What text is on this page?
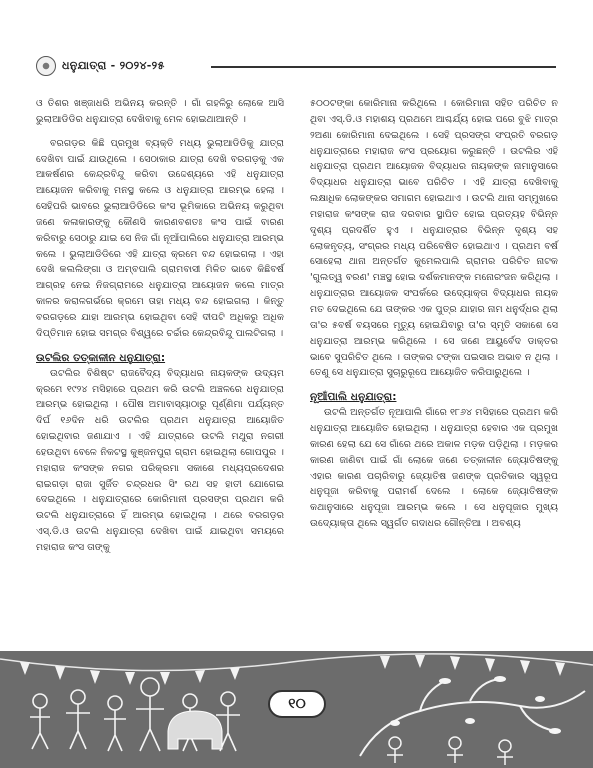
ଧନୁଯାତ୍ରା - ୨୦୨୪-୨୫

ଓ ତିଶର ଖଞ୍ଜାଧରି ଅଭିନୟ କରନ୍ତି । ଗାଁ ଗହଳିରୁ ଲୋକେ ଆସି ଭୁଲାଆଡିଡିର ଧନୁଯାତ୍ରା ଦେଖିବାକୁ ମେଳ ହୋଇଥାଆନ୍ତି ।

ବରଗଡ଼ର କିଛି ପ୍ରମୁଖ ବ୍ୟକ୍ତି ମଧ୍ୟ ଭୁଲାଆଡିଡିକୁ ଯାତ୍ରା ଦେଖିବା ପାଇଁ ଯାଉଥିଲେ । ସେଠାକାର ଯାତ୍ରା ଦେଖି ବରଗଡ଼କୁ ଏକ ଆକର୍ଷଣର କେନ୍ଦ୍ରବିନ୍ଦୁ କରିବା ଉଦ୍ଦେଶ୍ୟରେ ଏହି ଧନୁଯାତ୍ରା ଆୟୋଜନ କରିବାକୁ ମନସ୍ଥ କଲେ ଓ ଧନୁଯାତ୍ରା ଆରମ୍ଭ ହେଲା । ସେହିପରି ଭାବରେ ଭୁଲାଆଡିଡିରେ କଂସ ଭୂମିକାରେ ଅଭିନୟ କରୁଥିବା ଜଣେ କଳାକାରଙ୍କୁ କୌଣସି କାରଣବଶତଃ କଂସ ପାଇଁ ବାରଣ କରିବାରୁ ସେଠାରୁ ଯାଇ ସେ ନିଜ ଗାଁ ନୂଆଁପାଲିରେ ଧନୁଯାତ୍ରା ଆରମ୍ଭ କଲେ । ଭୁଲାଆଡିଡିରେ ଏହି ଯାତ୍ରା କ୍ରମେ ବନ୍ଦ ହୋଇଗଲା । ଏହା ଦେଖି କଲଲିଙ୍ଗା ଓ ଅମ୍ବପାଲି ଗ୍ରାମବାସୀ ମିଳିତ ଭାବେ କିଛିବର୍ଷ ଆଗ୍ରହ ନେଇ ନିଜଗ୍ରାମରେ ଧନୁଯାତ୍ରା ଆୟୋଜନ କଲେ ମାତ୍ର କାଳର କରାଳଗର୍ଭରେ କ୍ରମେ ତାହା ମଧ୍ୟ ବନ୍ଦ ହୋଇଗଲା । କିନ୍ତୁ ବରଗଡ଼ରେ ଯାହା ଆରମ୍ଭ ହୋଇଥିବା ସେହି ଦୀପଟି ଅଧିକରୁ ଅଧିକ ଦିପ୍ତିମାନ ହୋଇ ସମଗ୍ର ବିଶ୍ୱରେ ଚର୍ଚ୍ଚାର କେନ୍ଦ୍ରବିନ୍ଦୁ ପାଲଟିଗଲା ।

ଉଟଲିର ତତ୍କାଳୀନ ଧନୁଯାତ୍ରା:

ଉଟଲିର ବିଶିଷ୍ଟ ରାଜବୈଦ୍ୟ ବିଦ୍ୟାଧର ନାୟକଙ୍କ ଉଦ୍ୟମ କ୍ରମେ ୧୯୨୪ ମସିହାରେ ପ୍ରଥମ କରି ଉଟଲି ଅଞ୍ଚଳରେ ଧନୁଯାତ୍ରା ଆରମ୍ଭ ହୋଇଥିଲା । ପୌଷ ଅମାବାସ୍ୟାଠାରୁ ପୂର୍ଣ୍ଣିମା ପର୍ଯ୍ୟନ୍ତ ଦିର୍ଘ ୧୬ଦିନ ଧରି ଉଟଲିର ପ୍ରଥମ ଧନୁଯାତ୍ରା ଆୟୋଜିତ ହୋଇଥିବାର ଜଣାଯାଏ । ଏହି ଯାତ୍ରାରେ ଉଟଲି ମଥୁରା ନଗରୀ ହେଉଥିବା ବେଳେ ନିକଟସ୍ଥ କୁଞ୍ଜନପୁରା ଗ୍ରାମ ହୋଇଥିଲା ଗୋପପୁର । ମହାରାଜ କଂସଙ୍କ ନଗର ପରିକ୍ରମା ସକାଶେ ମଧ୍ୟପ୍ରଦେଶର ରାଇଗଡ଼ା ରାଜା ସୁର୍ଜିତ ଚନ୍ଦ୍ରଧର ସିଂ ରଥ ସହ ହାତୀ ଯୋଗେଇ ଦେଇଥିଲେ । ଧନୁଯାତ୍ରାରେ କୋରିମାନୀ ପ୍ରସଙ୍ଗ ପ୍ରଥମ କରି ଉଟଲି ଧନୁଯାତ୍ରାରେ ହିଁ ଆରମ୍ଭ ହୋଇଥିଲା । ଥରେ ବରଗଡ଼ର ଏସ୍.ଡି.ଓ ଉଟଲି ଧନୁଯାତ୍ରା ଦେଖିବା ପାଇଁ ଯାଇଥିବା ସମୟରେ ମହାରାଜ କଂସ ତାଙ୍କୁ

୫୦୦ଟଙ୍କା କୋରିମାନା କରିଥିଲେ । କୋରିମାନା ସହିତ ପରିଚିତ ନ ଥିବା ଏସ୍.ଡି.ଓ ମହାଶୟ ପ୍ରଥମେ ଆଶ୍ଚର୍ଯ୍ୟ ହୋଇ ପରେ ବୁଝି ମାତ୍ର ୨ଅଣା କୋରିମାନା ଦେଇଥିଲେ । ସେହି ପ୍ରସଙ୍ଗ ସଂପ୍ରତି ବରଗଡ଼ ଧନୁଯାତ୍ରାରେ ମହାରାଜ କଂସ ପ୍ରୟୋଗ କରୁଛନ୍ତି । ଉଟଲିର ଏହି ଧନୁଯାତ୍ରା ପ୍ରଥମ ଆୟୋଜକ ବିଦ୍ୟାଧର ନାୟକଙ୍କ ନାମାନୁସାରେ ବିଦ୍ୟାଧର ଧନୁଯାତ୍ରା ଭାବେ ପରିଚିତ । ଏହି ଯାତ୍ରା ଦେଖିବାକୁ ଲକ୍ଷାଧିକ ଲୋକଙ୍କର ସମାଗମ ହୋଇଥାଏ । ଉଟଲି ଥାନା ସମ୍ମୁଖରେ ମହାରାଜ କଂସଙ୍କ ରାଜ ଦରବାର ସ୍ଥାପିତ ହୋଇ ପ୍ରତ୍ୟହ ବିଭିନ୍ନ ଦୃଶ୍ୟ ପ୍ରଦର୍ଶିତ ହୁଏ । ଧନୁଯାତ୍ରାର ବିଭିନ୍ନ ଦୃଶ୍ୟ ସହ ଲୋକନୃତ୍ୟ, ସଂଗ୍ରର ମଧ୍ୟ ପରିବେଷିତ ହୋଇଥାଏ । ପ୍ରଥମ ବର୍ଷ ସୋହେଲା ଥାନା ଅନ୍ତର୍ଗତ କୁମେଲପାଲି ଗ୍ରାମର ପରିଚିତ ନାଟକ 'ଗୁଲତ୍ୱ ବରଣ' ମଞ୍ଚସ୍ଥ ହୋଇ ଦର୍ଶକମାନଙ୍କ ମନୋରଂଜନ କରିଥିଲା । ଧନୁଯାତ୍ରାର ଆୟୋଜକ ସଂପର୍କରେ ଉଦ୍ୟୋକ୍ତା ବିଦ୍ୟାଧର ନାୟକ ମତ ଦେଇଥିଲେ ଯେ ତାଙ୍କର ଏକ ପୁତ୍ର ଯାହାର ନାମ ଧନୁର୍ଦ୍ଧର ଥିଲା ତା'ର ୫ବର୍ଷ ବୟସରେ ମୃତ୍ୟୁ ହୋଇଯିବାରୁ ତା'ର ସ୍ମୃତି ସକାଶେ ସେ ଧନୁଯାତ୍ରା ଆରମ୍ଭ କରିଥିଲେ । ସେ ଜଣେ ଆୟୁର୍ବେଦ ଡାକ୍ତର ଭାବେ ସୁପରିଚିତ ଥିଲେ । ତାଙ୍କର ଟଙ୍କା ପଇସାର ଅଭାବ ନ ଥିଲା । ତେଣୁ ସେ ଧନୁଯାତ୍ରା ସୁଚାରୁରୂପେ ଆୟୋଜିତ କରିପାରୁଥିଲେ ।

ନୂଆଁପାଲି ଧନୁଯାତ୍ରା:

ଉଟଲି ଅନ୍ତର୍ଗତ ନୂଆପାଲି ଗାଁରେ ୧୮୬୪ ମସିହାରେ ପ୍ରଥମ କରି ଧନୁଯାତ୍ରା ଆୟୋଜିତ ହୋଇଥିଲା । ଧନୁଯାତ୍ରା ହେବାର ଏକ ପ୍ରମୁଖ କାରଣ ହେଲା ଯେ ସେ ଗାଁରେ ଥରେ ଅକାଳ ମଡ଼କ ପଡ଼ିଥିଲା । ମଡ଼କର କାରଣ ଜାଣିବା ପାଇଁ ଗାଁ ଲୋକେ ଜଣେ ତତ୍କାଳୀନ ଜ୍ୟୋତିଷଙ୍କୁ ଏହାର କାରଣ ପଚାରିବାରୁ ଜ୍ୟୋତିଷ ଜଣଙ୍କ ପ୍ରତିକାର ସ୍ୱରୂପ ଧନୁପୂଜା କରିବାକୁ ପରାମର୍ଶ ଦେଲେ । ଲୋକେ ଜ୍ୟୋତିଷଙ୍କ କଥାନୁସାରେ ଧନୁପୂଜା ଆରମ୍ଭ କଲେ । ସେ ଧନୁପୂଜାର ମୁଖ୍ୟ ଉଦ୍ୟୋକ୍ତା ଥିଲେ ସ୍ୱର୍ଗତ ଗଦାଧର ଗୌନ୍ତିଆ । ଅବଶ୍ୟ

୧୦
